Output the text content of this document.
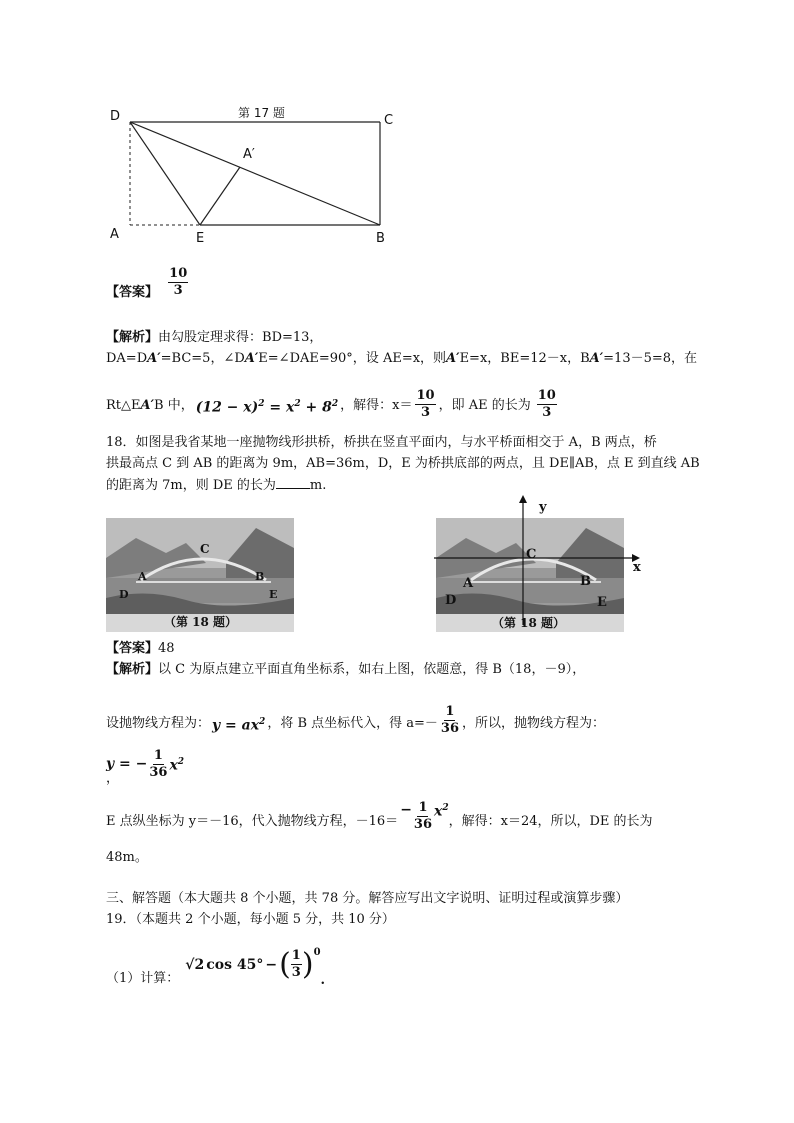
第 17 题
D	C
A′
A	E	B
【答案】 $\frac{10}{3}$
【解析】由勾股定理求得：BD=13，
DA=DA′=BC=5，∠DA′E=∠DAE=90°，设 AE=x，则A′E=x，BE=12－x，BA′=13－5=8，在
Rt△E A′ B 中， $(12 - x)^2 = x^2 + 8^2$ ，解得：$x= \frac{10}{3}$ ，即 AE 的长为 $\frac{10}{3}$
18．如图是我省某地一座抛物线形拱桥，桥拱在竖直平面内，与水平桥面相交于 A，B 两点，桥
拱最高点 C 到 AB 的距离为 9m，AB=36m，D，E 为桥拱底部的两点，且 DE∥AB，点 E 到直线 AB
的距离为 7m，则 DE 的长为	m.
C
A	B
D	E
（第 18 题）
y
x
C
A	B
D	E
（第 18 题）
【答案】48
【解析】以 C 为原点建立平面直角坐标系，如右上图，依题意，得 B（18，－9），
设抛物线方程为： $y = ax^2$ ，将 B 点坐标代入，得 $a=- \frac{1}{36}$ ，所以，抛物线方程为：
y = − $\frac{1}{36} x^2$
，
E 点纵坐标为 y＝－16，代入抛物线方程，－16＝
− $\frac{1}{36} x^2$
，解得：x＝24，所以，DE 的长为
48m。
三、解答题（本大题共 8 个小题，共 78 分。解答应写出文字说明、证明过程或演算步骤）
19．（本题共 2 个小题，每小题 5 分，共 10 分）
（1）计算：
√2 cos 45° − ( $\frac{1}{3} )^0$
.
